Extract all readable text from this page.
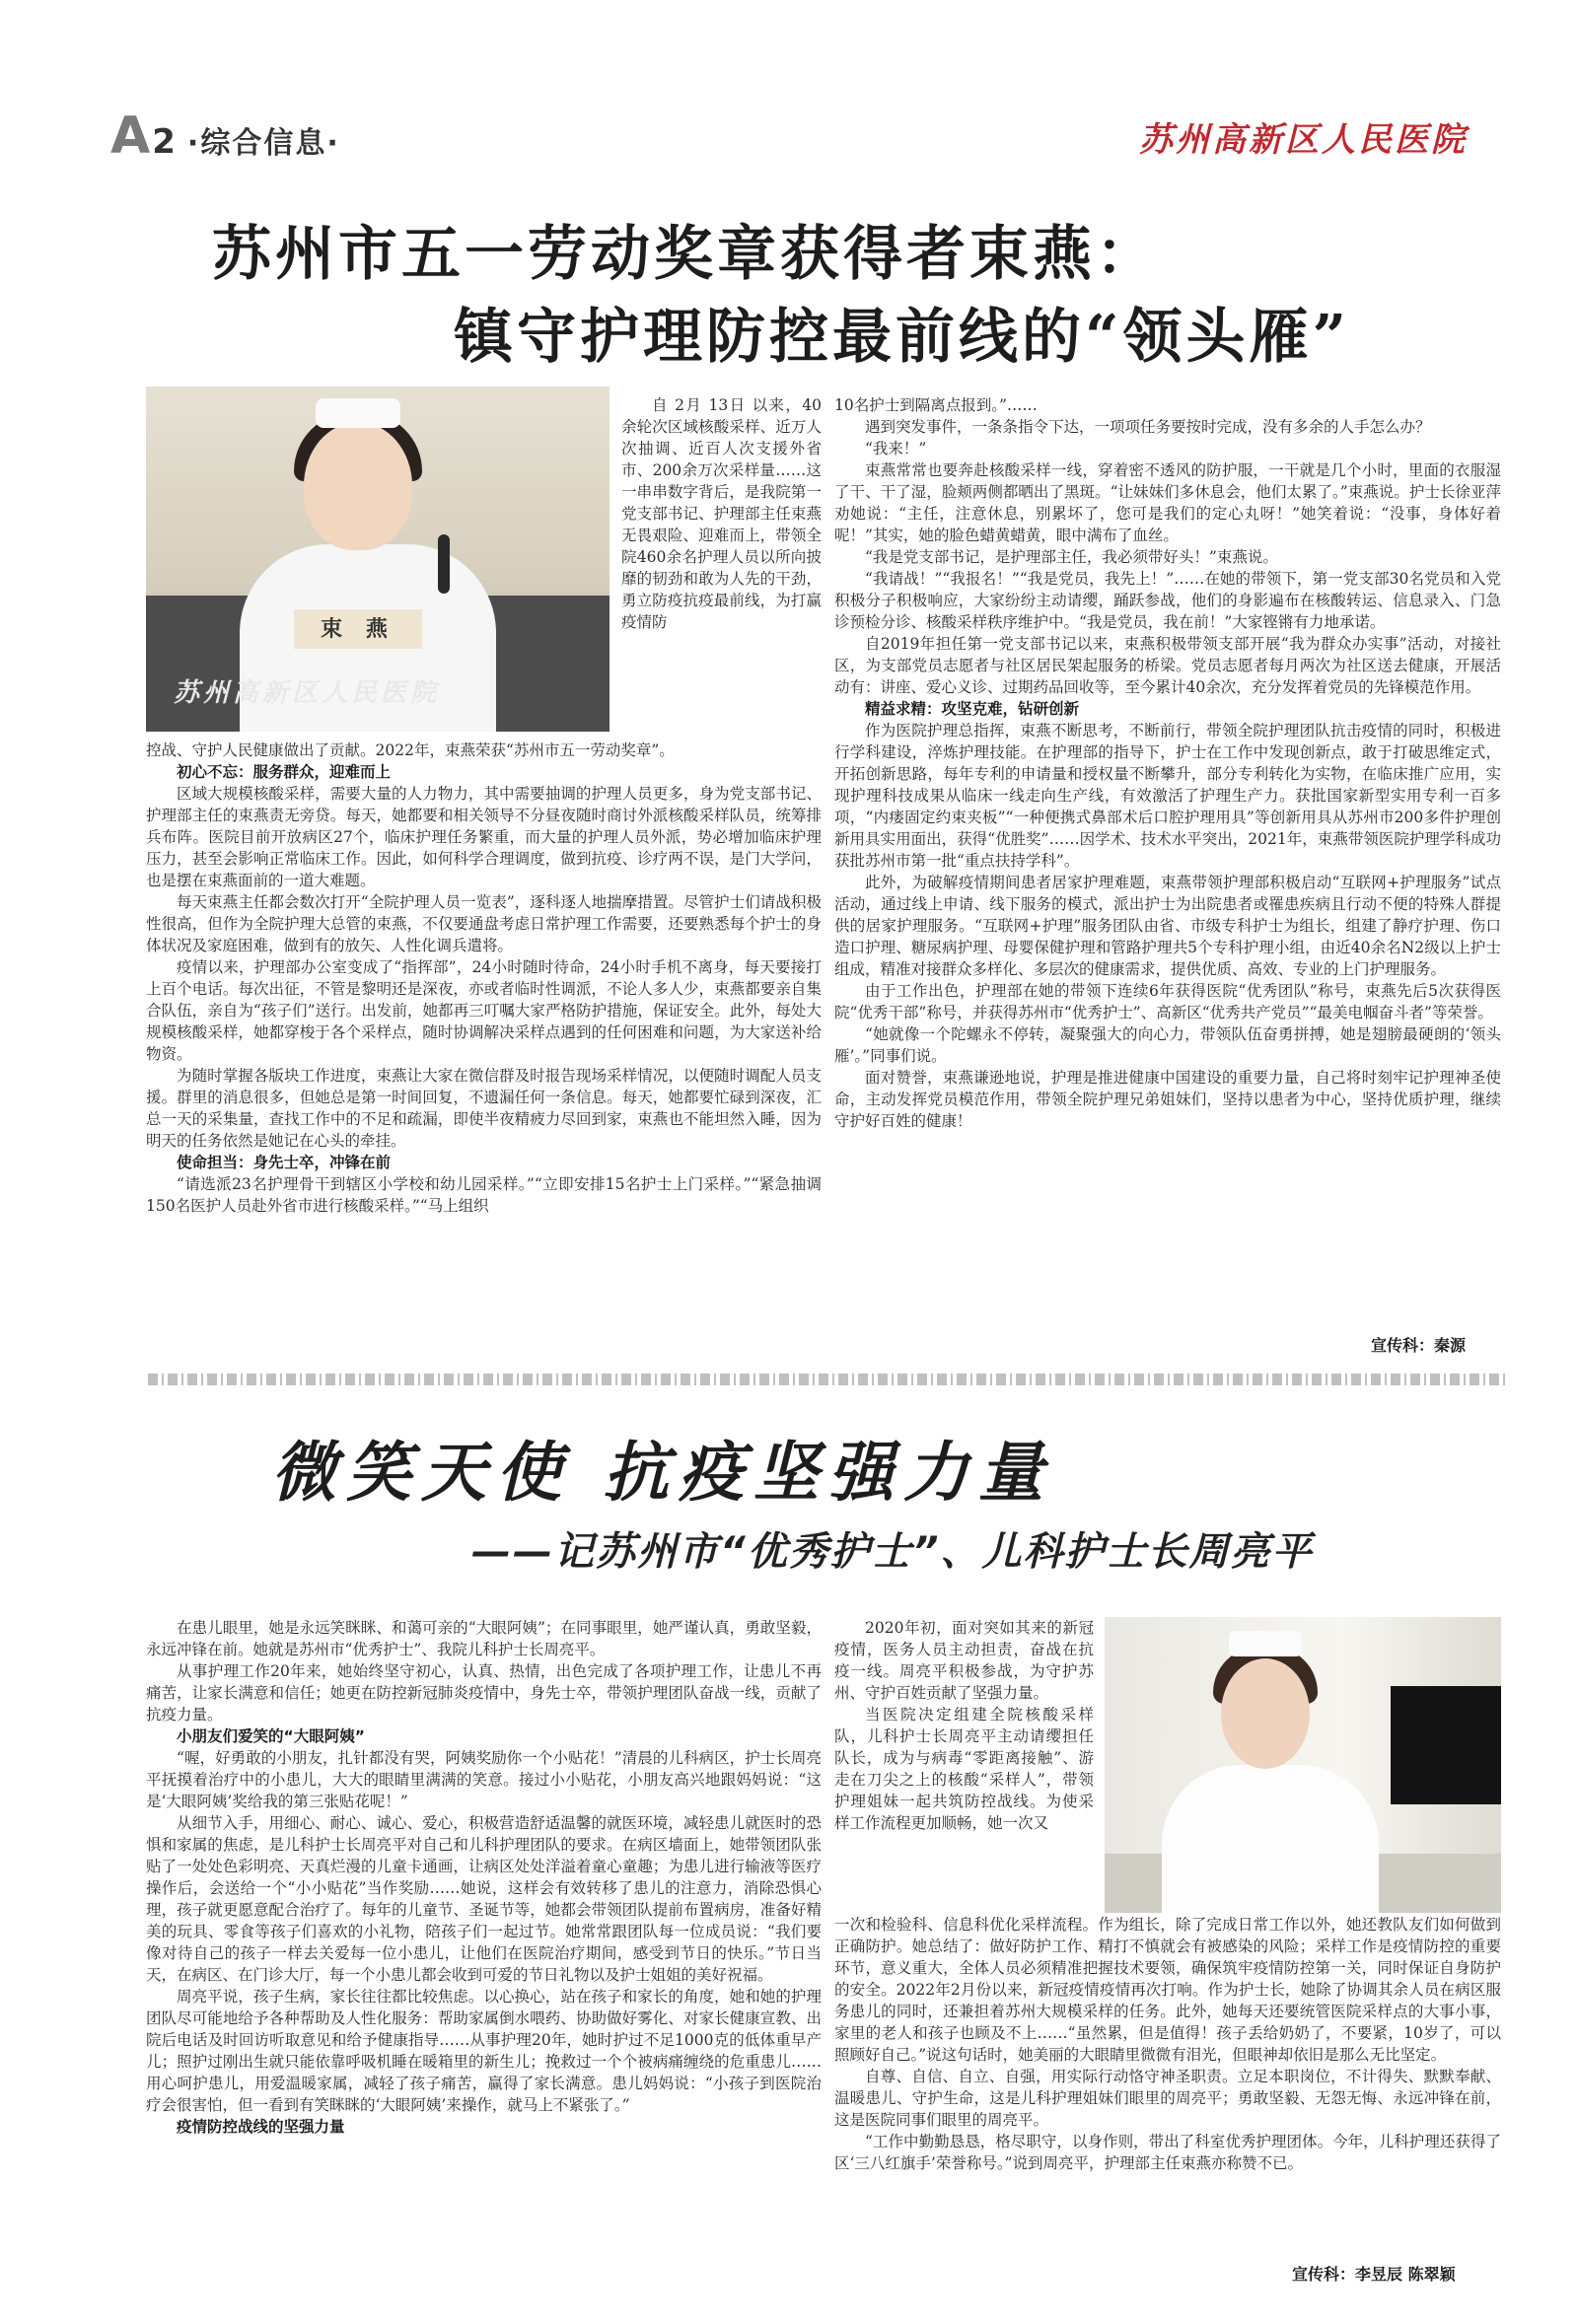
A 2 ·综合信息·	苏州高新区人民医院
苏州市五一劳动奖章获得者束燕：
镇守护理防控最前线的“领头雁”
束 燕
苏州高新区人民医院

自 2月 13日 以来，40余轮次区域核酸采样、近万人次抽调、近百人次支援外省市、200余万次采样量……这一串串数字背后，是我院第一党支部书记、护理部主任束燕无畏艰险、迎难而上，带领全院460余名护理人员以所向披靡的韧劲和敢为人先的干劲，勇立防疫抗疫最前线，为打赢疫情防

控战、守护人民健康做出了贡献。2022年，束燕荣获“苏州市五一劳动奖章”。

初心不忘：服务群众，迎难而上

区域大规模核酸采样，需要大量的人力物力，其中需要抽调的护理人员更多，身为党支部书记、护理部主任的束燕责无旁贷。每天，她都要和相关领导不分昼夜随时商讨外派核酸采样队员，统筹排兵布阵。医院目前开放病区27个，临床护理任务繁重，而大量的护理人员外派，势必增加临床护理压力，甚至会影响正常临床工作。因此，如何科学合理调度，做到抗疫、诊疗两不误，是门大学问，也是摆在束燕面前的一道大难题。

每天束燕主任都会数次打开“全院护理人员一览表”，逐科逐人地揣摩措置。尽管护士们请战积极性很高，但作为全院护理大总管的束燕，不仅要通盘考虑日常护理工作需要，还要熟悉每个护士的身体状况及家庭困难，做到有的放矢、人性化调兵遣将。

疫情以来，护理部办公室变成了“指挥部”，24小时随时待命，24小时手机不离身，每天要接打上百个电话。每次出征，不管是黎明还是深夜，亦或者临时性调派，不论人多人少，束燕都要亲自集合队伍，亲自为“孩子们”送行。出发前，她都再三叮嘱大家严格防护措施，保证安全。此外，每处大规模核酸采样，她都穿梭于各个采样点，随时协调解决采样点遇到的任何困难和问题，为大家送补给物资。

为随时掌握各版块工作进度，束燕让大家在微信群及时报告现场采样情况，以便随时调配人员支援。群里的消息很多，但她总是第一时间回复，不遗漏任何一条信息。每天，她都要忙碌到深夜，汇总一天的采集量，查找工作中的不足和疏漏，即使半夜精疲力尽回到家，束燕也不能坦然入睡，因为明天的任务依然是她记在心头的牵挂。

使命担当：身先士卒，冲锋在前

“请选派23名护理骨干到辖区小学校和幼儿园采样。”“立即安排15名护士上门采样。”“紧急抽调150名医护人员赴外省市进行核酸采样。”“马上组织

10名护士到隔离点报到。”……

遇到突发事件，一条条指令下达，一项项任务要按时完成，没有多余的人手怎么办？

“我来！”

束燕常常也要奔赴核酸采样一线，穿着密不透风的防护服，一干就是几个小时，里面的衣服湿了干、干了湿，脸颊两侧都晒出了黑斑。“让妹妹们多休息会，他们太累了。”束燕说。护士长徐亚萍劝她说：“主任，注意休息，别累坏了，您可是我们的定心丸呀！”她笑着说：“没事，身体好着呢！”其实，她的脸色蜡黄蜡黄，眼中满布了血丝。

“我是党支部书记，是护理部主任，我必须带好头！”束燕说。

“我请战！”“我报名！”“我是党员，我先上！”……在她的带领下，第一党支部30名党员和入党积极分子积极响应，大家纷纷主动请缨，踊跃参战，他们的身影遍布在核酸转运、信息录入、门急诊预检分诊、核酸采样秩序维护中。“我是党员，我在前！”大家铿锵有力地承诺。

自2019年担任第一党支部书记以来，束燕积极带领支部开展“我为群众办实事”活动，对接社区，为支部党员志愿者与社区居民架起服务的桥梁。党员志愿者每月两次为社区送去健康，开展活动有：讲座、爱心义诊、过期药品回收等，至今累计40余次，充分发挥着党员的先锋模范作用。

精益求精：攻坚克难，钻研创新

作为医院护理总指挥，束燕不断思考，不断前行，带领全院护理团队抗击疫情的同时，积极进行学科建设，淬炼护理技能。在护理部的指导下，护士在工作中发现创新点，敢于打破思维定式，开拓创新思路，每年专利的申请量和授权量不断攀升，部分专利转化为实物，在临床推广应用，实现护理科技成果从临床一线走向生产线，有效激活了护理生产力。获批国家新型实用专利一百多项，“内瘘固定约束夹板”“一种便携式鼻部术后口腔护理用具”等创新用具从苏州市200多件护理创新用具实用面出，获得“优胜奖”……因学术、技术水平突出，2021年，束燕带领医院护理学科成功获批苏州市第一批“重点扶持学科”。

此外，为破解疫情期间患者居家护理难题，束燕带领护理部积极启动“互联网+护理服务”试点活动，通过线上申请、线下服务的模式，派出护士为出院患者或罹患疾病且行动不便的特殊人群提供的居家护理服务。“互联网+护理”服务团队由省、市级专科护士为组长，组建了静疗护理、伤口造口护理、糖尿病护理、母婴保健护理和管路护理共5个专科护理小组，由近40余名N2级以上护士组成，精准对接群众多样化、多层次的健康需求，提供优质、高效、专业的上门护理服务。

由于工作出色，护理部在她的带领下连续6年获得医院“优秀团队”称号，束燕先后5次获得医院“优秀干部”称号，并获得苏州市“优秀护士”、高新区“优秀共产党员”“最美电帼奋斗者”等荣誉。

“她就像一个陀螺永不停转，凝聚强大的向心力，带领队伍奋勇拼搏，她是翅膀最硬朗的‘领头雁’。”同事们说。

面对赞誉，束燕谦逊地说，护理是推进健康中国建设的重要力量，自己将时刻牢记护理神圣使命，主动发挥党员模范作用，带领全院护理兄弟姐妹们，坚持以患者为中心，坚持优质护理，继续守护好百姓的健康！

宣传科：秦源
微笑天使 抗疫坚强力量
——记苏州市“优秀护士”、儿科护士长周亮平

在患儿眼里，她是永远笑眯眯、和蔼可亲的“大眼阿姨”；在同事眼里，她严谨认真，勇敢坚毅，永远冲锋在前。她就是苏州市“优秀护士”、我院儿科护士长周亮平。

从事护理工作20年来，她始终坚守初心，认真、热情，出色完成了各项护理工作，让患儿不再痛苦，让家长满意和信任；她更在防控新冠肺炎疫情中，身先士卒，带领护理团队奋战一线，贡献了抗疫力量。

小朋友们爱笑的“大眼阿姨”

“喔，好勇敢的小朋友，扎针都没有哭，阿姨奖励你一个小贴花！”清晨的儿科病区，护士长周亮平抚摸着治疗中的小患儿，大大的眼睛里满满的笑意。接过小小贴花，小朋友高兴地跟妈妈说：“这是‘大眼阿姨’奖给我的第三张贴花呢！”

从细节入手，用细心、耐心、诚心、爱心，积极营造舒适温馨的就医环境，减轻患儿就医时的恐惧和家属的焦虑，是儿科护士长周亮平对自己和儿科护理团队的要求。在病区墙面上，她带领团队张贴了一处处色彩明亮、天真烂漫的儿童卡通画，让病区处处洋溢着童心童趣；为患儿进行输液等医疗操作后，会送给一个“小小贴花”当作奖励……她说，这样会有效转移了患儿的注意力，消除恐惧心理，孩子就更愿意配合治疗了。每年的儿童节、圣诞节等，她都会带领团队提前布置病房，准备好精美的玩具、零食等孩子们喜欢的小礼物，陪孩子们一起过节。她常常跟团队每一位成员说：“我们要像对待自己的孩子一样去关爱每一位小患儿，让他们在医院治疗期间，感受到节日的快乐。”节日当天，在病区、在门诊大厅，每一个小患儿都会收到可爱的节日礼物以及护士姐姐的美好祝福。

周亮平说，孩子生病，家长往往都比较焦虑。以心换心，站在孩子和家长的角度，她和她的护理团队尽可能地给予各种帮助及人性化服务：帮助家属倒水喂药、协助做好雾化、对家长健康宣教、出院后电话及时回访听取意见和给予健康指导……从事护理20年，她时护过不足1000克的低体重早产儿；照护过刚出生就只能依靠呼吸机睡在暖箱里的新生儿；挽救过一个个被病痛缠绕的危重患儿……用心呵护患儿，用爱温暖家属，减轻了孩子痛苦，赢得了家长满意。患儿妈妈说：“小孩子到医院治疗会很害怕，但一看到有笑眯眯的‘大眼阿姨’来操作，就马上不紧张了。”

疫情防控战线的坚强力量

2020年初，面对突如其来的新冠疫情，医务人员主动担责，奋战在抗疫一线。周亮平积极参战，为守护苏州、守护百姓贡献了坚强力量。

当医院决定组建全院核酸采样队，儿科护士长周亮平主动请缨担任队长，成为与病毒“零距离接触”、游走在刀尖之上的核酸“采样人”，带领护理姐妹一起共筑防控战线。为使采样工作流程更加顺畅，她一次又

一次和检验科、信息科优化采样流程。作为组长，除了完成日常工作以外，她还教队友们如何做到正确防护。她总结了：做好防护工作、精打不慎就会有被感染的风险；采样工作是疫情防控的重要环节，意义重大，全体人员必须精准把握技术要领，确保筑牢疫情防控第一关，同时保证自身防护的安全。2022年2月份以来，新冠疫情疫情再次打响。作为护士长，她除了协调其余人员在病区服务患儿的同时，还兼担着苏州大规模采样的任务。此外，她每天还要统管医院采样点的大事小事，家里的老人和孩子也顾及不上……“虽然累，但是值得！孩子丢给奶奶了，不要紧，10岁了，可以照顾好自己。”说这句话时，她美丽的大眼睛里微微有泪光，但眼神却依旧是那么无比坚定。

自尊、自信、自立、自强，用实际行动恪守神圣职责。立足本职岗位，不计得失、默默奉献、温暖患儿、守护生命，这是儿科护理姐妹们眼里的周亮平；勇敢坚毅、无怨无悔、永远冲锋在前，这是医院同事们眼里的周亮平。

“工作中勤勤恳恳，格尽职守，以身作则，带出了科室优秀护理团体。今年，儿科护理还获得了区‘三八红旗手’荣誉称号。”说到周亮平，护理部主任束燕亦称赞不已。

宣传科：李昱辰 陈翠颖
